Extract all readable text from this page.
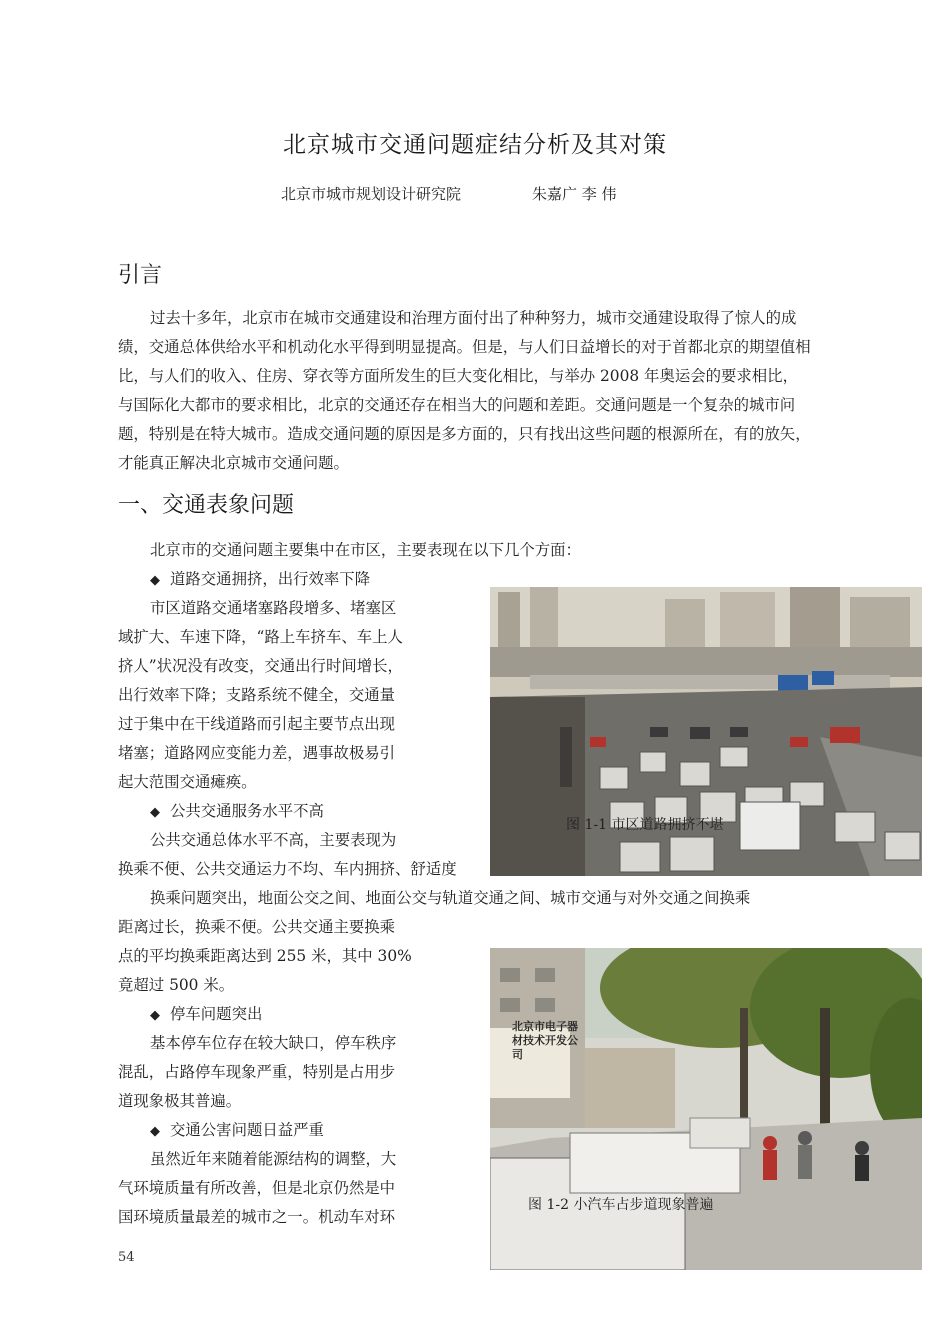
北京城市交通问题症结分析及其对策
北京市城市规划设计研究院	朱嘉广 李 伟
引言
过去十多年，北京市在城市交通建设和治理方面付出了种种努力，城市交通建设取得了惊人的成绩，交通总体供给水平和机动化水平得到明显提高。但是，与人们日益增长的对于首都北京的期望值相比，与人们的收入、住房、穿衣等方面所发生的巨大变化相比，与举办 2008 年奥运会的要求相比，与国际化大都市的要求相比，北京的交通还存在相当大的问题和差距。交通问题是一个复杂的城市问题，特别是在特大城市。造成交通问题的原因是多方面的，只有找出这些问题的根源所在，有的放矢，才能真正解决北京城市交通问题。
一、交通表象问题
北京市的交通问题主要集中在市区，主要表现在以下几个方面：
◆ 道路交通拥挤，出行效率下降
市区道路交通堵塞路段增多、堵塞区
域扩大、车速下降，“路上车挤车、车上人
挤人”状况没有改变，交通出行时间增长，
出行效率下降；支路系统不健全，交通量
过于集中在干线道路而引起主要节点出现
堵塞；道路网应变能力差，遇事故极易引
起大范围交通瘫痪。
◆ 公共交通服务水平不高
公共交通总体水平不高，主要表现为
换乘不便、公共交通运力不均、车内拥挤、舒适度
换乘问题突出，地面公交之间、地面公交与轨道交通之间、城市交通与对外交通之间换乘
距离过长，换乘不便。公共交通主要换乘
点的平均换乘距离达到 255 米，其中 30%
竟超过 500 米。
◆ 停车问题突出
基本停车位存在较大缺口，停车秩序
混乱，占路停车现象严重，特别是占用步
道现象极其普遍。
◆ 交通公害问题日益严重
虽然近年来随着能源结构的调整，大
气环境质量有所改善，但是北京仍然是中
国环境质量最差的城市之一。机动车对环
图 1-1 市区道路拥挤不堪
北京市电子器材技术开发公司
图 1-2 小汽车占步道现象普遍
54
